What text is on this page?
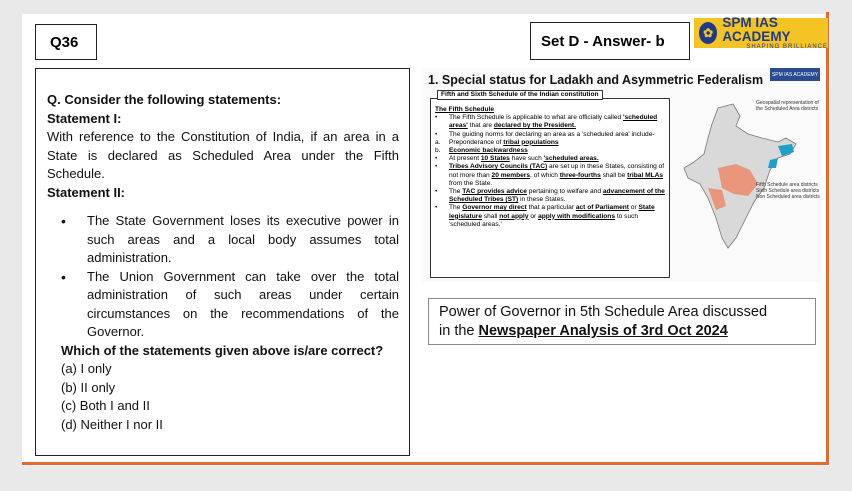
Q36	Set D - Answer- b	✿
SPM IAS ACADEMY
SHAPING BRILLIANCE
Q. Consider the following statements:
Statement I:
With reference to the Constitution of India, if an area in a State is declared as Scheduled Area under the Fifth Schedule.
Statement II:
• The State Government loses its executive power in such areas and a local body assumes total administration.
• The Union Government can take over the total administration of such areas under certain circumstances on the recommendations of the Governor.
Which of the statements given above is/are correct?
(a) I only
(b) II only
(c) Both I and II
(d) Neither I nor II
1. Special status for Ladakh and Asymmetric Federalism	SPM IAS ACADEMY
Fifth and Sixth Schedule of the Indian constitution
The Fifth Schedule
•	The Fifth Schedule is applicable to what are officially called 'scheduled areas' that are declared by the President.
•	The guiding norms for declaring an area as a 'scheduled area' include-
a.	Preponderance of tribal populations
b.	Economic backwardness
•	At present 10 States have such 'scheduled areas.
•	Tribes Advisory Councils (TAC) are set up in these States, consisting of not more than 20 members, of which three-fourths shall be tribal MLAs from the State.
•	The TAC provides advice pertaining to welfare and advancement of the Scheduled Tribes (ST) in these States.
•	The Governor may direct that a particular act of Parliament or State legislature shall not apply or apply with modifications to such 'scheduled areas.'
Geospatial representation of the Scheduled Area districts
Fifth Schedule area districts
Sixth Schedule area districts
Non Scheduled area districts
Power of Governor in 5th Schedule Area discussed
in the Newspaper Analysis of 3rd Oct 2024
